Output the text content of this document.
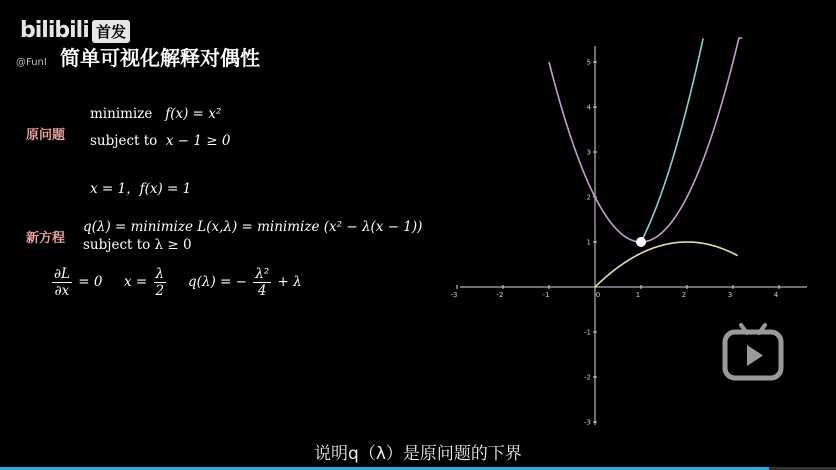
bilibili 首发
@FunI 简单可视化解释对偶性
原问题
minimize f(x) = x²
subject to x − 1 ≥ 0
x = 1，f(x) = 1
新方程
q(λ) = minimize L(x,λ) = minimize (x² − λ(x − 1))
subject to λ ≥ 0
$\frac{\partial L}{\partial x} = 0$ $x = \frac{\lambda}{2} q(\lambda)$ = − $\frac{\text{λ²}}{4} + \lambda$
-3	-2	-1	0	1	2	3	4
-3
-2
-1
1
2
3
4
5
说明q（λ）是原问题的下界
